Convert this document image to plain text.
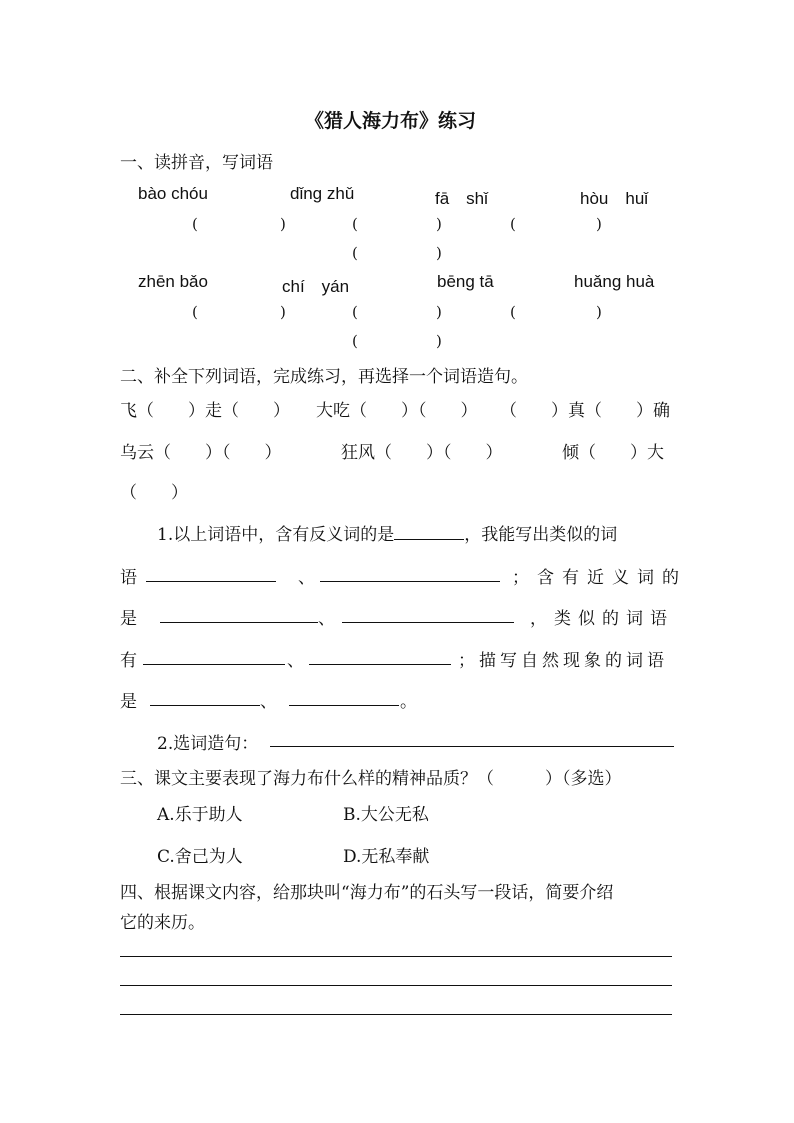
《猎人海力布》练习
一、读拼音，写词语
bào chóu	dǐng zhǔ	fā　shǐ	hòu　huǐ
(	)	(	)	(	)
(	)
zhēn bǎo	chí　yán	bēng tā	huǎng huà
(	)	(	)	(	)
(	)
二、补全下列词语，完成练习，再选择一个词语造句。
飞（　　）走（　　） 大吃（　　）（　　） （　　）真（　　）确
乌云（　　）（　　）	狂风（　　）（　　）	倾（　　）大
（　　）
1.以上词语中，含有反义词的是	，我能写出类似的词
语	、	；含有近义词的
是	、	，类似的词语
有	、	；描写自然现象的词语
是	、	。
2.选词造句：
三、课文主要表现了海力布什么样的精神品质？（　　　）（多选）
A.乐于助人	B.大公无私
C.舍己为人	D.无私奉献
四、根据课文内容，给那块叫“海力布”的石头写一段话，简要介绍
它的来历。
